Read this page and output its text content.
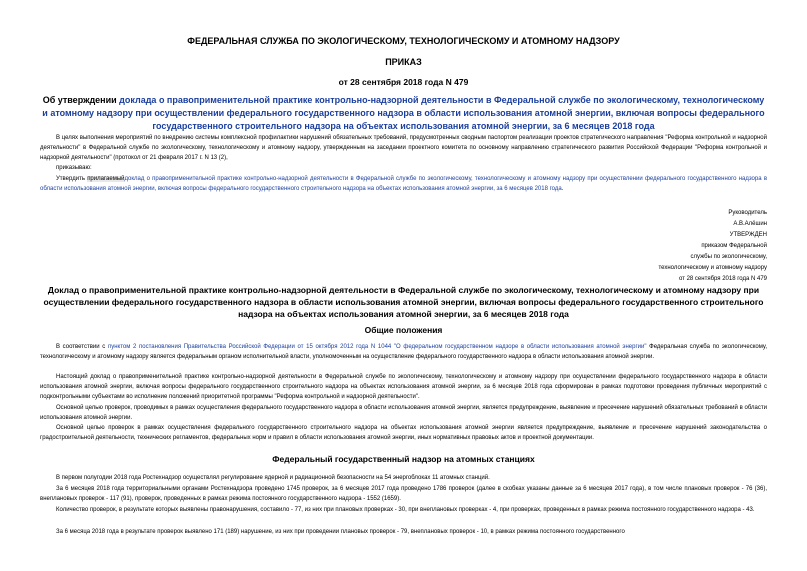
ФЕДЕРАЛЬНАЯ СЛУЖБА ПО ЭКОЛОГИЧЕСКОМУ, ТЕХНОЛОГИЧЕСКОМУ И АТОМНОМУ НАДЗОРУ
ПРИКАЗ
от 28 сентября 2018 года N 479
Об утверждении доклада о правоприменительной практике контрольно-надзорной деятельности в Федеральной службе по экологическому, технологическому и атомному надзору при осуществлении федерального государственного надзора в области использования атомной энергии, включая вопросы федерального государственного строительного надзора на объектах использования атомной энергии, за 6 месяцев 2018 года
В целях выполнения мероприятий по внедрению системы комплексной профилактики нарушений обязательных требований, предусмотренных сводным паспортом реализации проектов стратегического направления "Реформа контрольной и надзорной деятельности" в Федеральной службе по экологическому, технологическому и атомному надзору, утвержденным на заседании проектного комитета по основному направлению стратегического развития Российской Федерации "Реформа контрольной и надзорной деятельности" (протокол от 21 февраля 2017 г. N 13 (2),
приказываю:
Утвердить прилагаемыйдоклад о правоприменительной практике контрольно-надзорной деятельности в Федеральной службе по экологическому, технологическому и атомному надзору при осуществлении федерального государственного надзора в области использования атомной энергии, включая вопросы федерального государственного строительного надзора на объектах использования атомной энергии, за 6 месяцев 2018 года.
Руководитель
А.В.Алёшин
УТВЕРЖДЕН
приказом Федеральной
службы по экологическому,
технологическому и атомному надзору
от 28 сентября 2018 года N 479
Доклад о правоприменительной практике контрольно-надзорной деятельности в Федеральной службе по экологическому, технологическому и атомному надзору при осуществлении федерального государственного надзора в области использования атомной энергии, включая вопросы федерального государственного строительного надзора на объектах использования атомной энергии, за 6 месяцев 2018 года
Общие положения
В соответствии с пунктом 2 постановления Правительства Российской Федерации от 15 октября 2012 года N 1044 "О федеральном государственном надзоре в области использования атомной энергии" Федеральная служба по экологическому, технологическому и атомному надзору является федеральным органом исполнительной власти, уполномоченным на осуществление федерального государственного надзора в области использования атомной энергии.
Настоящий доклад о правоприменительной практике контрольно-надзорной деятельности в Федеральной службе по экологическому, технологическому и атомному надзору при осуществлении федерального государственного надзора в области использования атомной энергии, включая вопросы федерального государственного строительного надзора на объектах использования атомной энергии, за 6 месяцев 2018 года сформирован в рамках подготовки проведения публичных мероприятий с подконтрольными субъектами во исполнение положений приоритетной программы "Реформа контрольной и надзорной деятельности".
Основной целью проверок, проводимых в рамках осуществления федерального государственного надзора в области использования атомной энергии, является предупреждение, выявление и пресечение нарушений обязательных требований в области использования атомной энергии.
Основной целью проверок в рамках осуществления федерального государственного строительного надзора на объектах использования атомной энергии является предупреждение, выявление и пресечение нарушений законодательства о градостроительной деятельности, технических регламентов, федеральных норм и правил в области использования атомной энергии, иных нормативных правовых актов и проектной документации.
Федеральный государственный надзор на атомных станциях
В первом полугодии 2018 года Ростехнадзор осуществлял регулирование ядерной и радиационной безопасности на 54 энергоблоках 11 атомных станций.
За 6 месяцев 2018 года территориальными органами Ростехнадзора проведено 1745 проверок, за 6 месяцев 2017 года проведено 1786 проверок (далее в скобках указаны данные за 6 месяцев 2017 года), в том числе плановых проверок - 76 (36), внеплановых проверок - 117 (91), проверок, проведенных в рамках режима постоянного государственного надзора - 1552 (1659).
Количество проверок, в результате которых выявлены правонарушения, составило - 77, из них при плановых проверках - 30, при внеплановых проверках - 4, при проверках, проведенных в рамках режима постоянного государственного надзора - 43.
За 6 месяца 2018 года в результате проверок выявлено 171 (189) нарушение, из них при проведении плановых проверок - 79, внеплановых проверок - 10, в рамках режима постоянного государственного
